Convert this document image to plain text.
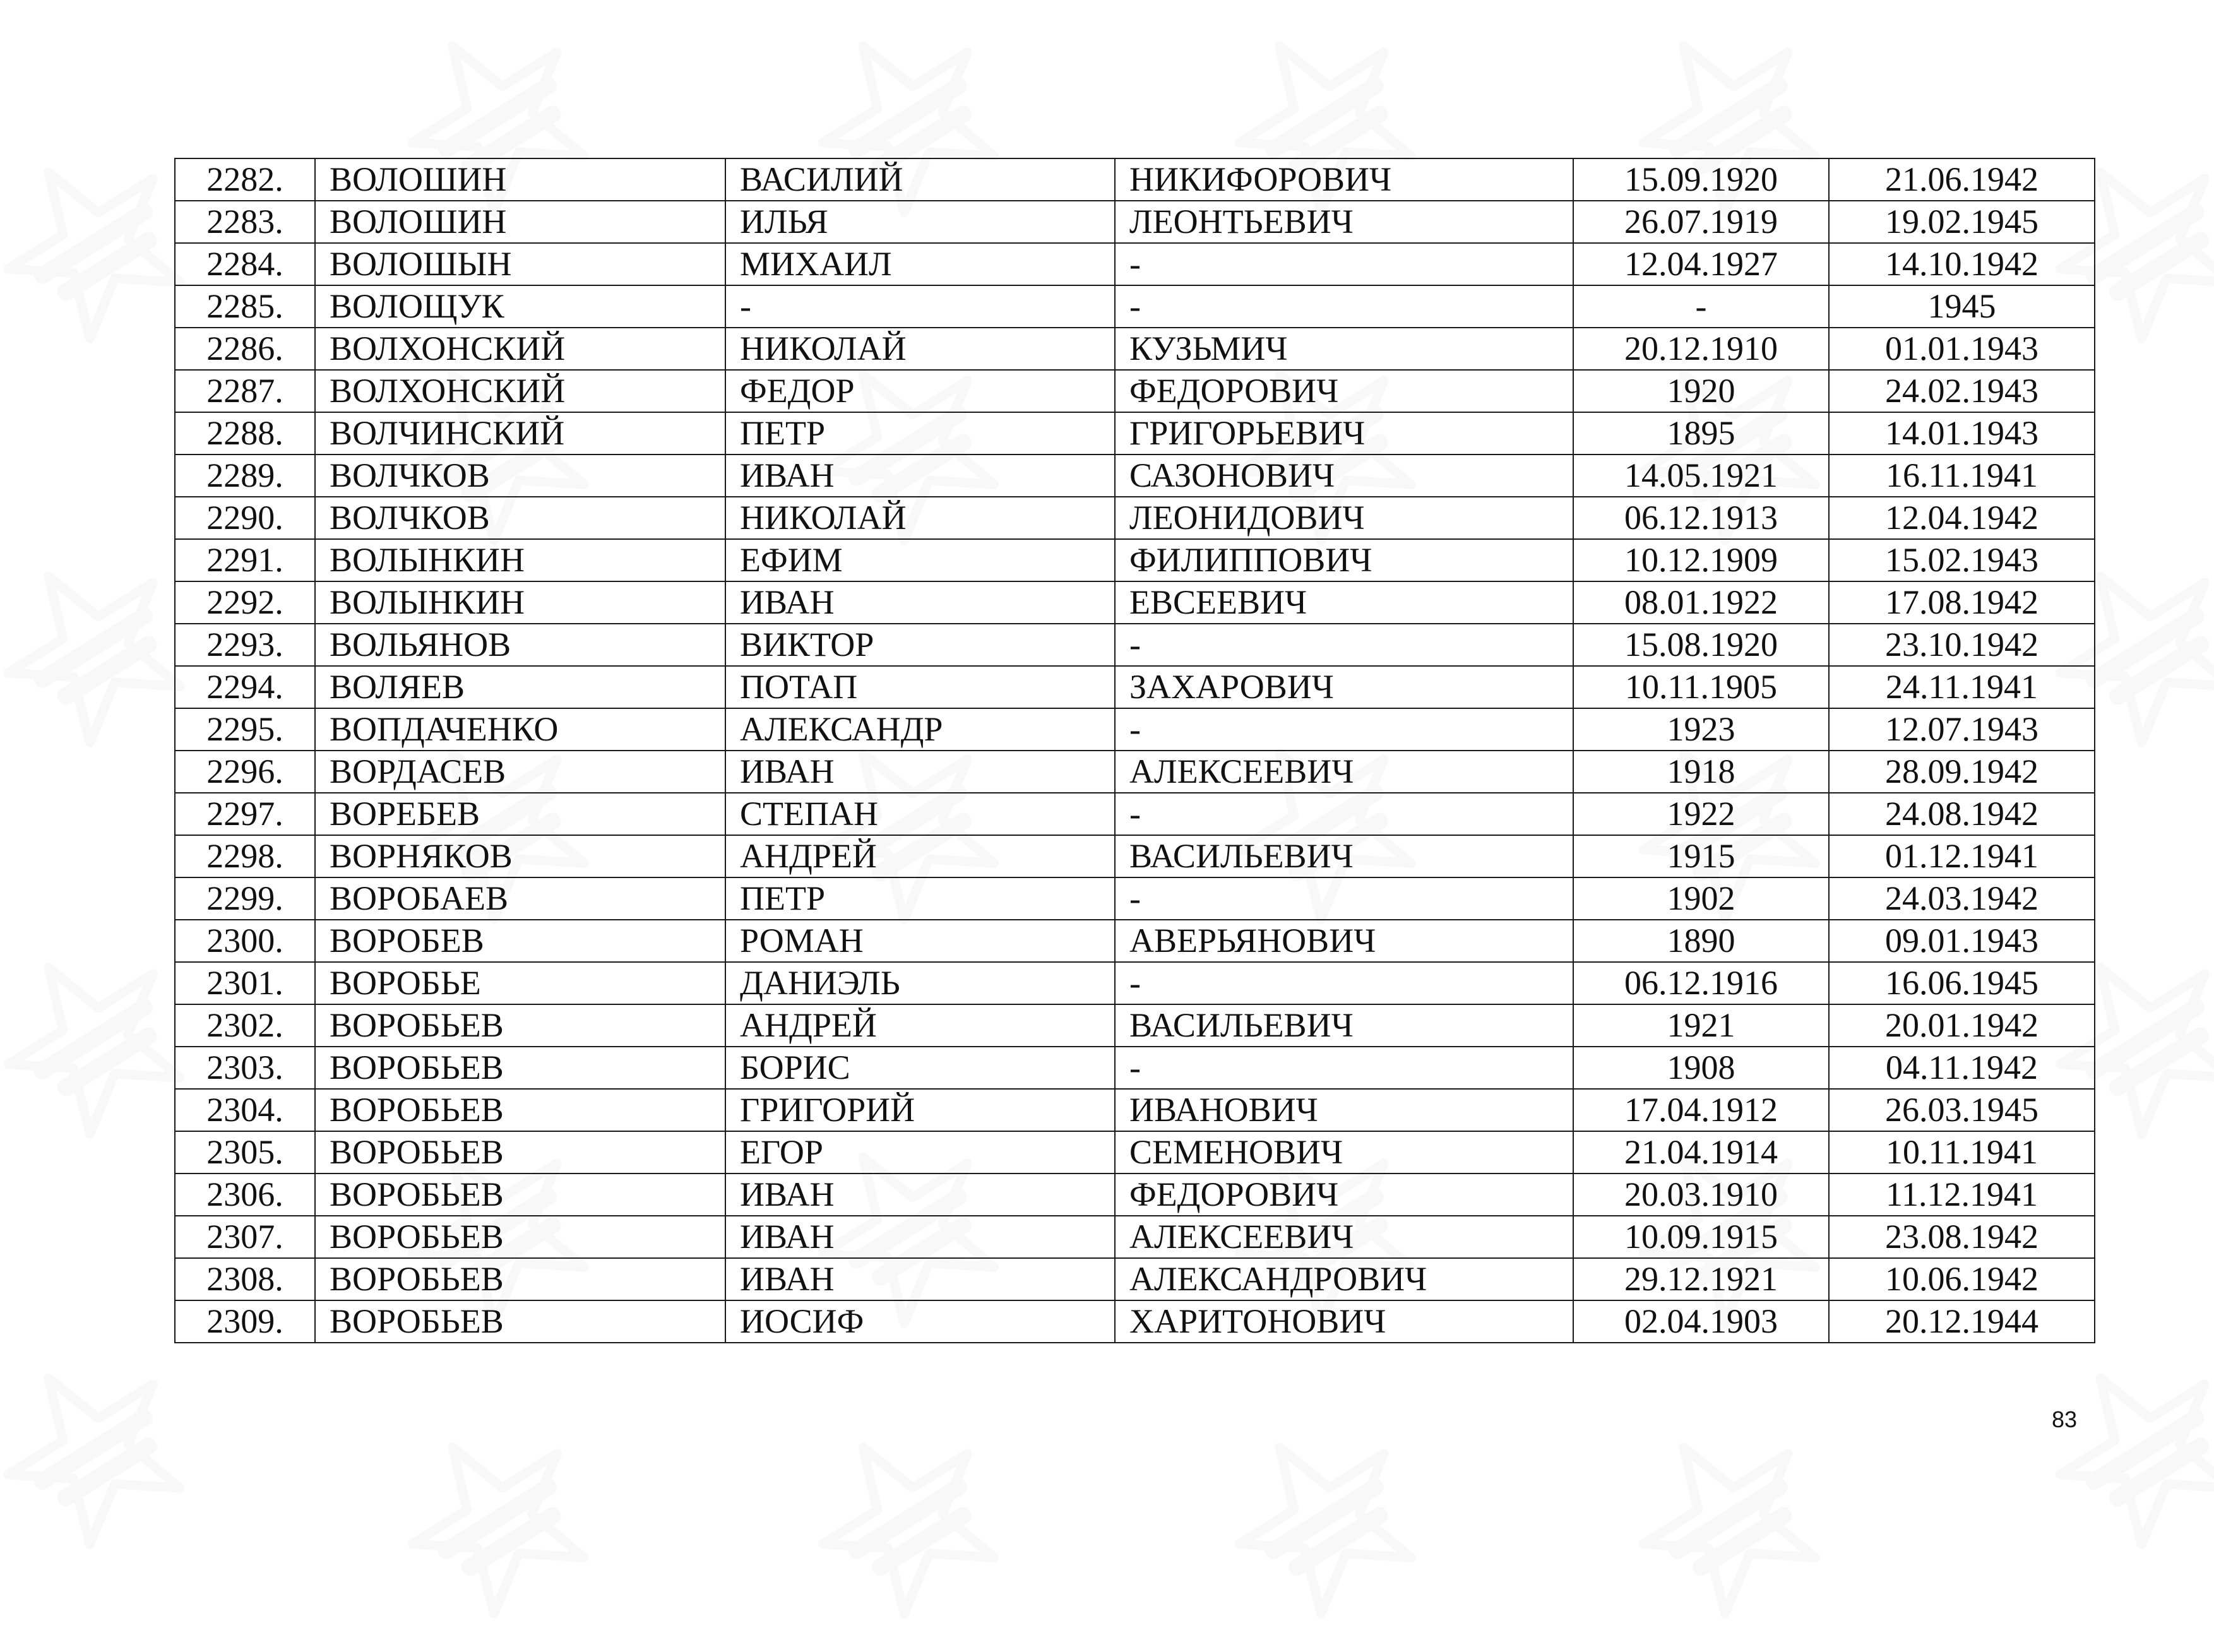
2282.	ВОЛОШИН	ВАСИЛИЙ	НИКИФОРОВИЧ	15.09.1920	21.06.1942
2283.	ВОЛОШИН	ИЛЬЯ	ЛЕОНТЬЕВИЧ	26.07.1919	19.02.1945
2284.	ВОЛОШЫН	МИХАИЛ	-	12.04.1927	14.10.1942
2285.	ВОЛОЩУК	-	-	-	1945
2286.	ВОЛХОНСКИЙ	НИКОЛАЙ	КУЗЬМИЧ	20.12.1910	01.01.1943
2287.	ВОЛХОНСКИЙ	ФЕДОР	ФЕДОРОВИЧ	1920	24.02.1943
2288.	ВОЛЧИНСКИЙ	ПЕТР	ГРИГОРЬЕВИЧ	1895	14.01.1943
2289.	ВОЛЧКОВ	ИВАН	САЗОНОВИЧ	14.05.1921	16.11.1941
2290.	ВОЛЧКОВ	НИКОЛАЙ	ЛЕОНИДОВИЧ	06.12.1913	12.04.1942
2291.	ВОЛЫНКИН	ЕФИМ	ФИЛИППОВИЧ	10.12.1909	15.02.1943
2292.	ВОЛЫНКИН	ИВАН	ЕВСЕЕВИЧ	08.01.1922	17.08.1942
2293.	ВОЛЬЯНОВ	ВИКТОР	-	15.08.1920	23.10.1942
2294.	ВОЛЯЕВ	ПОТАП	ЗАХАРОВИЧ	10.11.1905	24.11.1941
2295.	ВОПДАЧЕНКО	АЛЕКСАНДР	-	1923	12.07.1943
2296.	ВОРДАСЕВ	ИВАН	АЛЕКСЕЕВИЧ	1918	28.09.1942
2297.	ВОРЕБЕВ	СТЕПАН	-	1922	24.08.1942
2298.	ВОРНЯКОВ	АНДРЕЙ	ВАСИЛЬЕВИЧ	1915	01.12.1941
2299.	ВОРОБАЕВ	ПЕТР	-	1902	24.03.1942
2300.	ВОРОБЕВ	РОМАН	АВЕРЬЯНОВИЧ	1890	09.01.1943
2301.	ВОРОБЬЕ	ДАНИЭЛЬ	-	06.12.1916	16.06.1945
2302.	ВОРОБЬЕВ	АНДРЕЙ	ВАСИЛЬЕВИЧ	1921	20.01.1942
2303.	ВОРОБЬЕВ	БОРИС	-	1908	04.11.1942
2304.	ВОРОБЬЕВ	ГРИГОРИЙ	ИВАНОВИЧ	17.04.1912	26.03.1945
2305.	ВОРОБЬЕВ	ЕГОР	СЕМЕНОВИЧ	21.04.1914	10.11.1941
2306.	ВОРОБЬЕВ	ИВАН	ФЕДОРОВИЧ	20.03.1910	11.12.1941
2307.	ВОРОБЬЕВ	ИВАН	АЛЕКСЕЕВИЧ	10.09.1915	23.08.1942
2308.	ВОРОБЬЕВ	ИВАН	АЛЕКСАНДРОВИЧ	29.12.1921	10.06.1942
2309.	ВОРОБЬЕВ	ИОСИФ	ХАРИТОНОВИЧ	02.04.1903	20.12.1944
83
